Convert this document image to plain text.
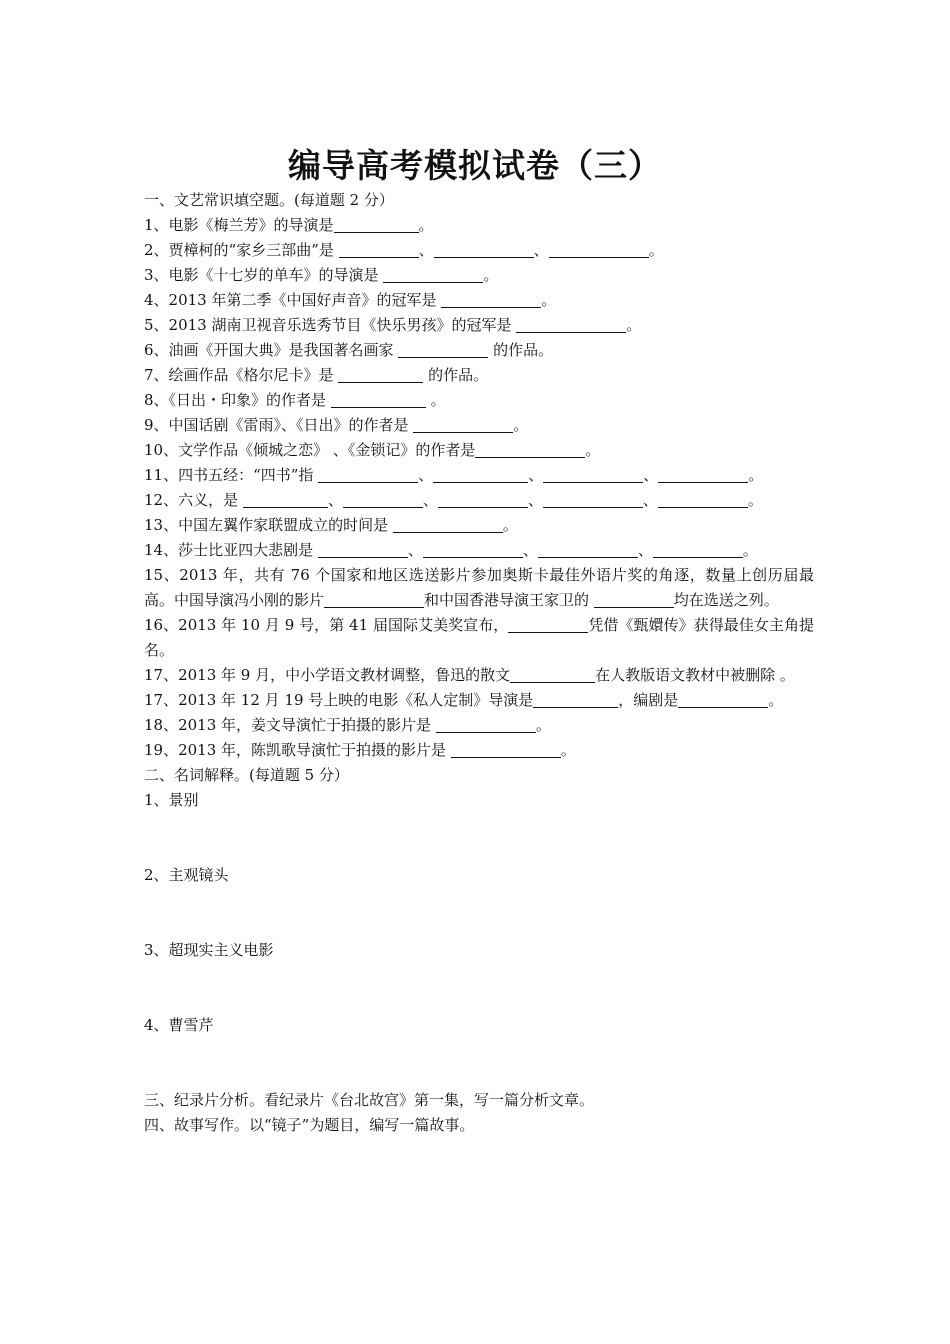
编导高考模拟试卷（三）
一、文艺常识填空题。(每道题 2 分）
1、电影《梅兰芳》的导演是	。
2、贾樟柯的“家乡三部曲”是	、	、	。
3、电影《十七岁的单车》的导演是	。
4、2013 年第二季《中国好声音》的冠军是	。
5、2013 湖南卫视音乐选秀节目《快乐男孩》的冠军是	。
6、油画《开国大典》是我国著名画家	的作品。
7、绘画作品《格尔尼卡》是	的作品。
8、《日出・印象》的作者是	。
9、中国话剧《雷雨》、《日出》的作者是	。
10、文学作品《倾城之恋》 、《金锁记》的作者是	。
11、四书五经：“四书”指	、	、	、	。
12、六义，是	、	、	、	、	。
13、中国左翼作家联盟成立的时间是	。
14、莎士比亚四大悲剧是	、	、	、	。
15、2013 年，共有 76 个国家和地区选送影片参加奥斯卡最佳外语片奖的角逐，数量上创历届最高。中国导演冯小刚的影片	和中国香港导演王家卫的	均在选送之列。
16、2013 年 10 月 9 号，第 41 届国际艾美奖宣布，	凭借《甄嬛传》获得最佳女主角提名。
17、2013 年 9 月，中小学语文教材调整，鲁迅的散文	在人教版语文教材中被删除 。
17、2013 年 12 月 19 号上映的电影《私人定制》导演是	，编剧是	。
18、2013 年，姜文导演忙于拍摄的影片是	。
19、2013 年，陈凯歌导演忙于拍摄的影片是	。
二、名词解释。(每道题 5 分）
1、景别
2、主观镜头
3、超现实主义电影
4、曹雪芹
三、纪录片分析。看纪录片《台北故宫》第一集，写一篇分析文章。
四、故事写作。以“镜子”为题目，编写一篇故事。
